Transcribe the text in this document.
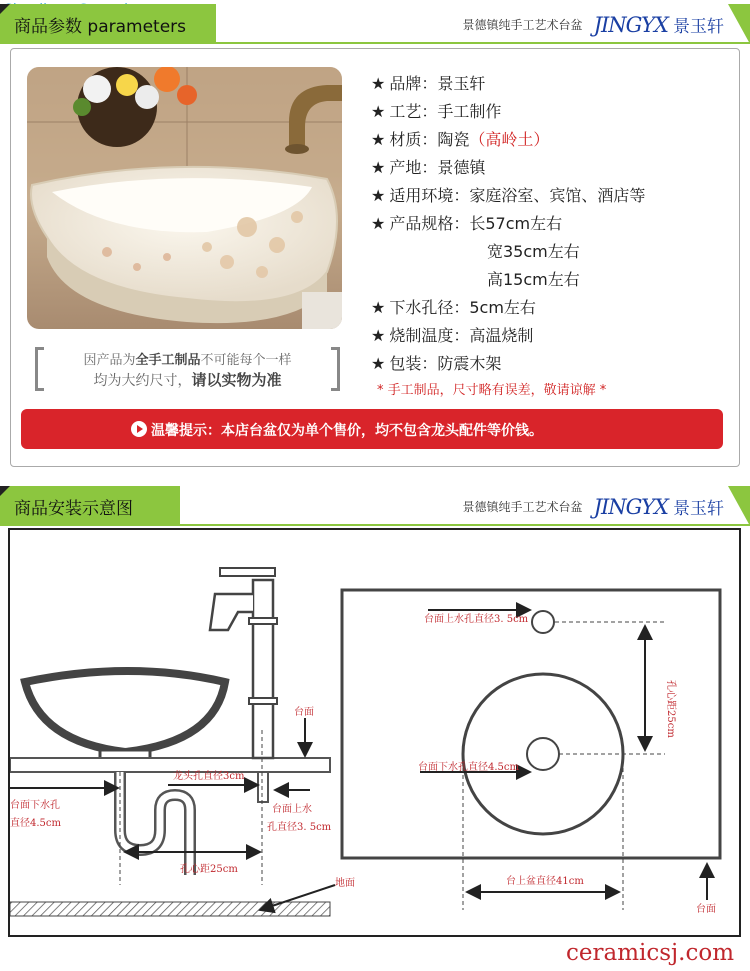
商品参数 parameters	景德镇纯手工艺术台盆 JINGYX 景玉轩
因产品为全手工制品不可能每个一样
均为大约尺寸，请以实物为准
★ 品牌：景玉轩
★ 工艺：手工制作
★ 材质：陶瓷（高岭土）
★ 产地：景德镇
★ 适用环境：家庭浴室、宾馆、酒店等
★ 产品规格：长57cm左右
宽35cm左右
高15cm左右
★ 下水孔径：5cm左右
★ 烧制温度：高温烧制
★ 包装：防震木架
* 手工制品，尺寸略有误差，敬请谅解 *
温馨提示：本店台盆仅为单个售价，均不包含龙头配件等价钱。
商品安装示意图	景德镇纯手工艺术台盆 JINGYX 景玉轩
台面
台面下水孔
直径4.5cm
龙头孔直径3cm
台面上水
孔直径3. 5cm
孔心距25cm
地面
台面上水孔直径3. 5cm
孔心距25cm
台面下水孔直径4.5cm
台上盆直径41cm
台面
ceramicsj.com
